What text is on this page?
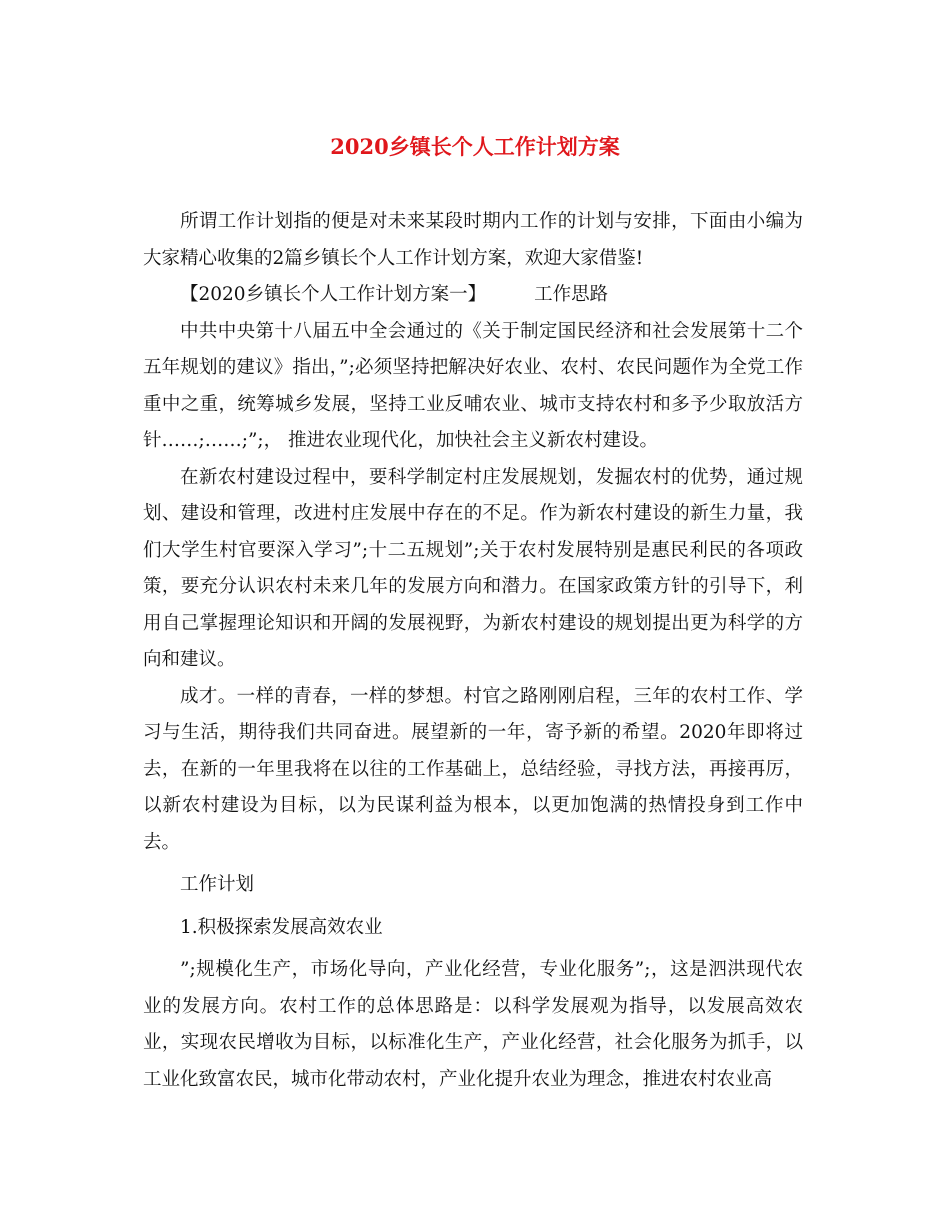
2020乡镇长个人工作计划方案

所谓工作计划指的便是对未来某段时期内工作的计划与安排，下面由小编为大家精心收集的2篇乡镇长个人工作计划方案，欢迎大家借鉴!

【2020乡镇长个人工作计划方案一】	工作思路

中共中央第十八届五中全会通过的《关于制定国民经济和社会发展第十二个五年规划的建议》指出，”;必须坚持把解决好农业、农村、农民问题作为全党工作重中之重，统筹城乡发展，坚持工业反哺农业、城市支持农村和多予少取放活方针……;……;”;， 推进农业现代化，加快社会主义新农村建设。

在新农村建设过程中，要科学制定村庄发展规划，发掘农村的优势，通过规划、建设和管理，改进村庄发展中存在的不足。作为新农村建设的新生力量，我们大学生村官要深入学习”;十二五规划”;关于农村发展特别是惠民利民的各项政策，要充分认识农村未来几年的发展方向和潜力。在国家政策方针的引导下，利用自己掌握理论知识和开阔的发展视野，为新农村建设的规划提出更为科学的方向和建议。

成才。一样的青春，一样的梦想。村官之路刚刚启程，三年的农村工作、学习与生活，期待我们共同奋进。展望新的一年，寄予新的希望。2020年即将过去，在新的一年里我将在以往的工作基础上，总结经验，寻找方法，再接再厉，以新农村建设为目标，以为民谋利益为根本，以更加饱满的热情投身到工作中去。

工作计划

1.积极探索发展高效农业

”;规模化生产，市场化导向，产业化经营，专业化服务”;，这是泗洪现代农业的发展方向。农村工作的总体思路是：以科学发展观为指导，以发展高效农业，实现农民增收为目标，以标准化生产，产业化经营，社会化服务为抓手，以工业化致富农民，城市化带动农村，产业化提升农业为理念，推进农村农业高
